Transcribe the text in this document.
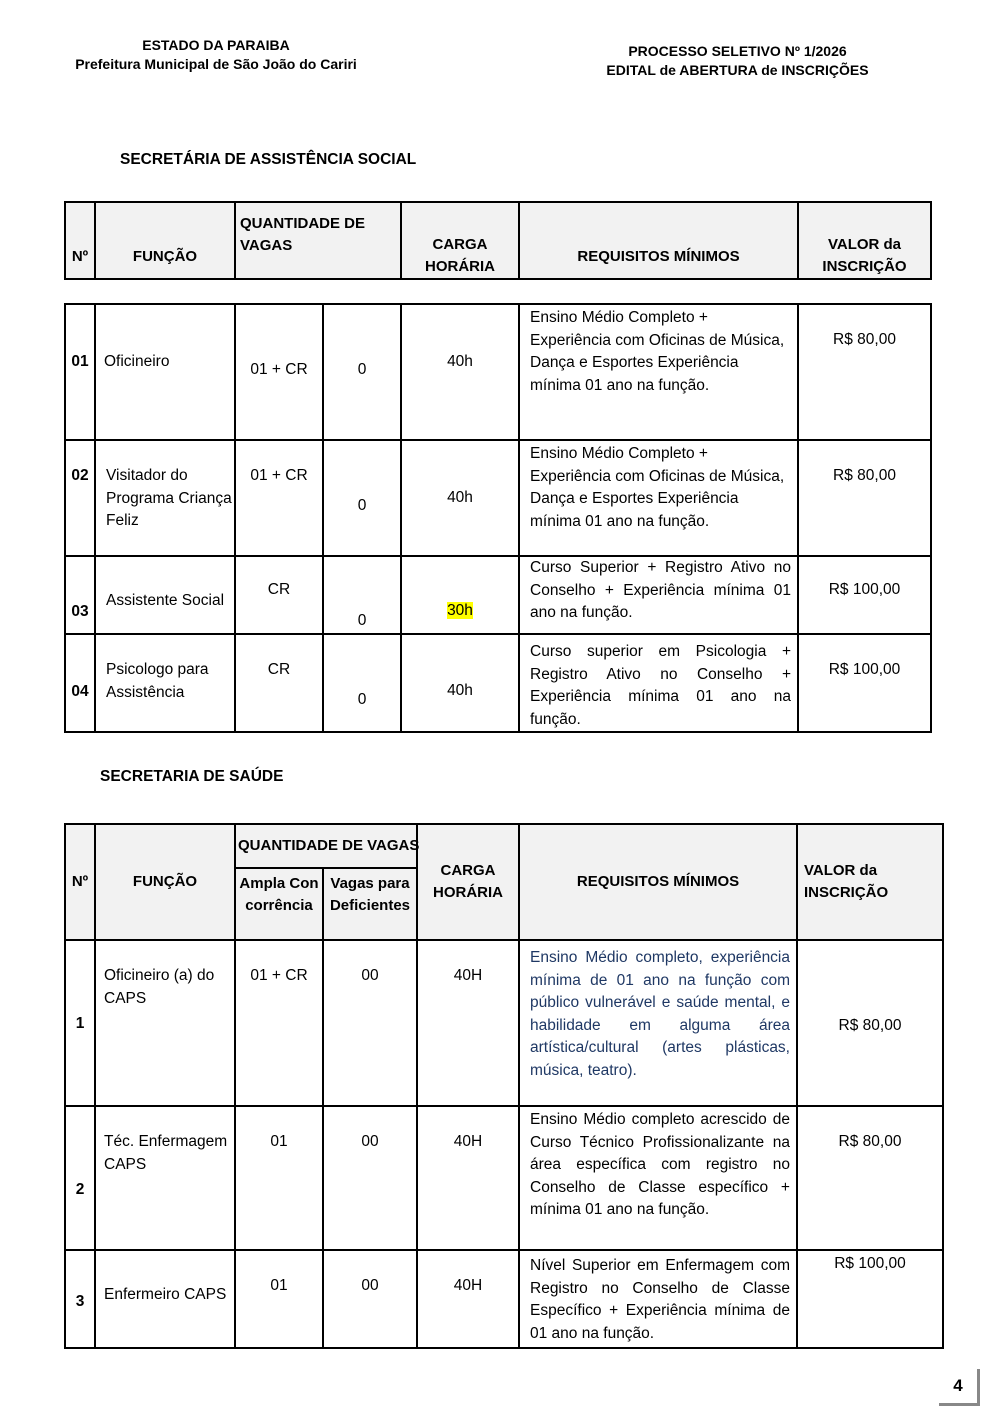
ESTADO DA PARAIBA
Prefeitura Municipal de São João do Cariri
PROCESSO SELETIVO Nº 1/2026
EDITAL de ABERTURA de INSCRIÇÕES
SECRETÁRIA DE ASSISTÊNCIA SOCIAL
Nº	FUNÇÃO	QUANTIDADE DE VAGAS	CARGA HORÁRIA	REQUISITOS MÍNIMOS	VALOR da INSCRIÇÃO
01	Oficineiro	01 + CR	0	40h	Ensino Médio Completo + Experiência com Oficinas de Música, Dança e Esportes Experiência mínima 01 ano na função.	R$ 80,00
02	Visitador do Programa Criança Feliz	01 + CR	0	40h	Ensino Médio Completo + Experiência com Oficinas de Música, Dança e Esportes Experiência mínima 01 ano na função.	R$ 80,00
03	Assistente Social	CR	0	30h	Curso Superior + Registro Ativo no Conselho + Experiência mínima 01 ano na função.	R$ 100,00
04	Psicologo para Assistência	CR	0	40h	Curso superior em Psicologia + Registro Ativo no Conselho + Experiência mínima 01 ano na função.	R$ 100,00
SECRETARIA DE SAÚDE
Nº	FUNÇÃO	QUANTIDADE DE VAGAS		CARGA HORÁRIA	REQUISITOS MÍNIMOS	VALOR da INSCRIÇÃO
		Ampla Concorrência	Vagas para Deficientes			
1	Oficineiro (a) do CAPS	01 + CR	00	40H	Ensino Médio completo, experiência mínima de 01 ano na função com público vulnerável e saúde mental, e habilidade em alguma área artística/cultural (artes plásticas, música, teatro).	R$ 80,00
2	Téc. Enfermagem CAPS	01	00	40H	Ensino Médio completo acrescido de Curso Técnico Profissionalizante na área específica com registro no Conselho de Classe específico + mínima 01 ano na função.	R$ 80,00
3	Enfermeiro CAPS	01	00	40H	Nível Superior em Enfermagem com Registro no Conselho de Classe Específico + Experiência mínima de 01 ano na função.	R$ 100,00
4
